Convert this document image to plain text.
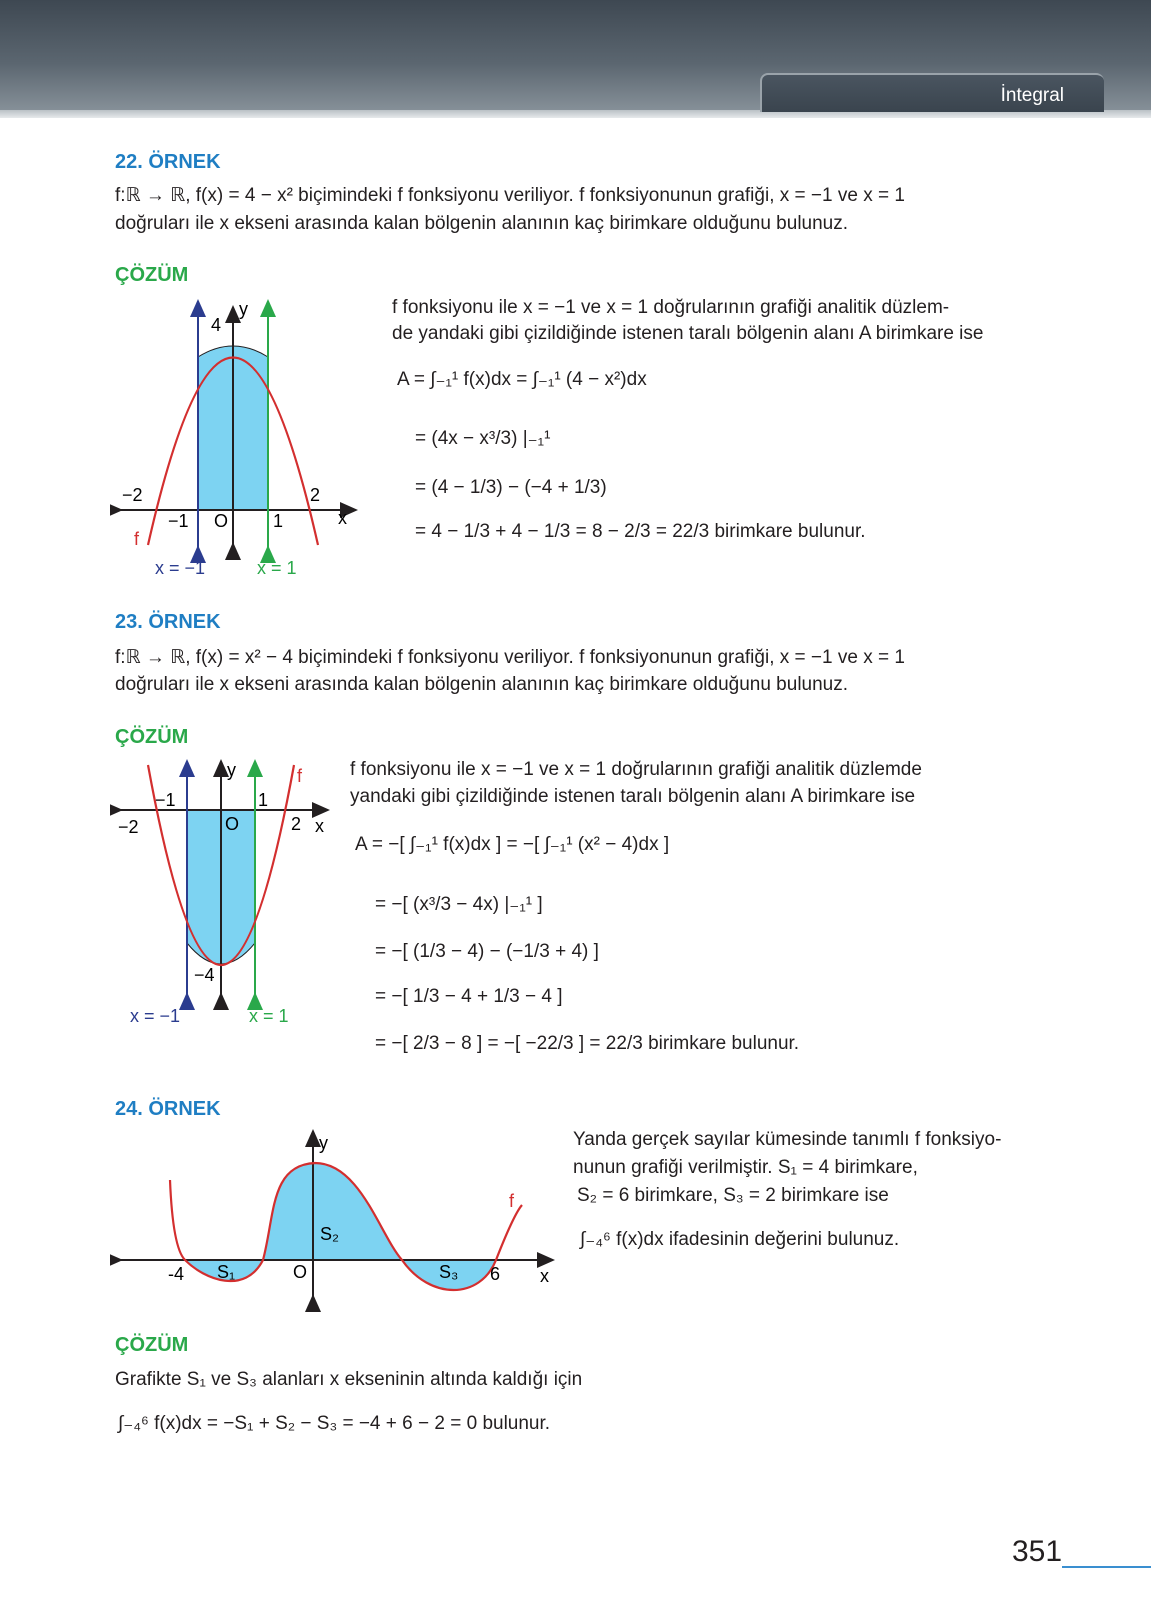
İntegral
22. ÖRNEK
f:ℝ → ℝ, f(x) = 4 − x² biçimindeki f fonksiyonu veriliyor. f fonksiyonunun grafiği, x = −1 ve x = 1
doğruları ile x ekseni arasında kalan bölgenin alanının kaç birimkare olduğunu bulunuz.
ÇÖZÜM
y
4
−2	2
−1 O 1	x
f
x = −1	x = 1
f fonksiyonu ile x = −1 ve x = 1 doğrularının grafiği analitik düzlem-
de yandaki gibi çizildiğinde istenen taralı bölgenin alanı A birimkare ise
A = ∫₋₁¹ f(x)dx = ∫₋₁¹ (4 − x²)dx
= (4x − x³/3) |₋₁¹
= (4 − 1/3) − (−4 + 1/3)
= 4 − 1/3 + 4 − 1/3 = 8 − 2/3 = 22/3 birimkare bulunur.
23. ÖRNEK
f:ℝ → ℝ, f(x) = x² − 4 biçimindeki f fonksiyonu veriliyor. f fonksiyonunun grafiği, x = −1 ve x = 1
doğruları ile x ekseni arasında kalan bölgenin alanının kaç birimkare olduğunu bulunuz.
ÇÖZÜM
y	f
−1	1
−2	O	2 x
−4
x = −1	x = 1
f fonksiyonu ile x = −1 ve x = 1 doğrularının grafiği analitik düzlemde
yandaki gibi çizildiğinde istenen taralı bölgenin alanı A birimkare ise
A = −[ ∫₋₁¹ f(x)dx ] = −[ ∫₋₁¹ (x² − 4)dx ]
= −[ (x³/3 − 4x) |₋₁¹ ]
= −[ (1/3 − 4) − (−1/3 + 4) ]
= −[ 1/3 − 4 + 1/3 − 4 ]
= −[ 2/3 − 8 ] = −[ −22/3 ] = 22/3 birimkare bulunur.
24. ÖRNEK
y
f
S₂
-4 S₁	O	S₃ 6 x
Yanda gerçek sayılar kümesinde tanımlı f fonksiyo-
nunun grafiği verilmiştir. S₁ = 4 birimkare,
S₂ = 6 birimkare, S₃ = 2 birimkare ise
∫₋₄⁶ f(x)dx ifadesinin değerini bulunuz.
ÇÖZÜM
Grafikte S₁ ve S₃ alanları x ekseninin altında kaldığı için
∫₋₄⁶ f(x)dx = −S₁ + S₂ − S₃ = −4 + 6 − 2 = 0 bulunur.
351
